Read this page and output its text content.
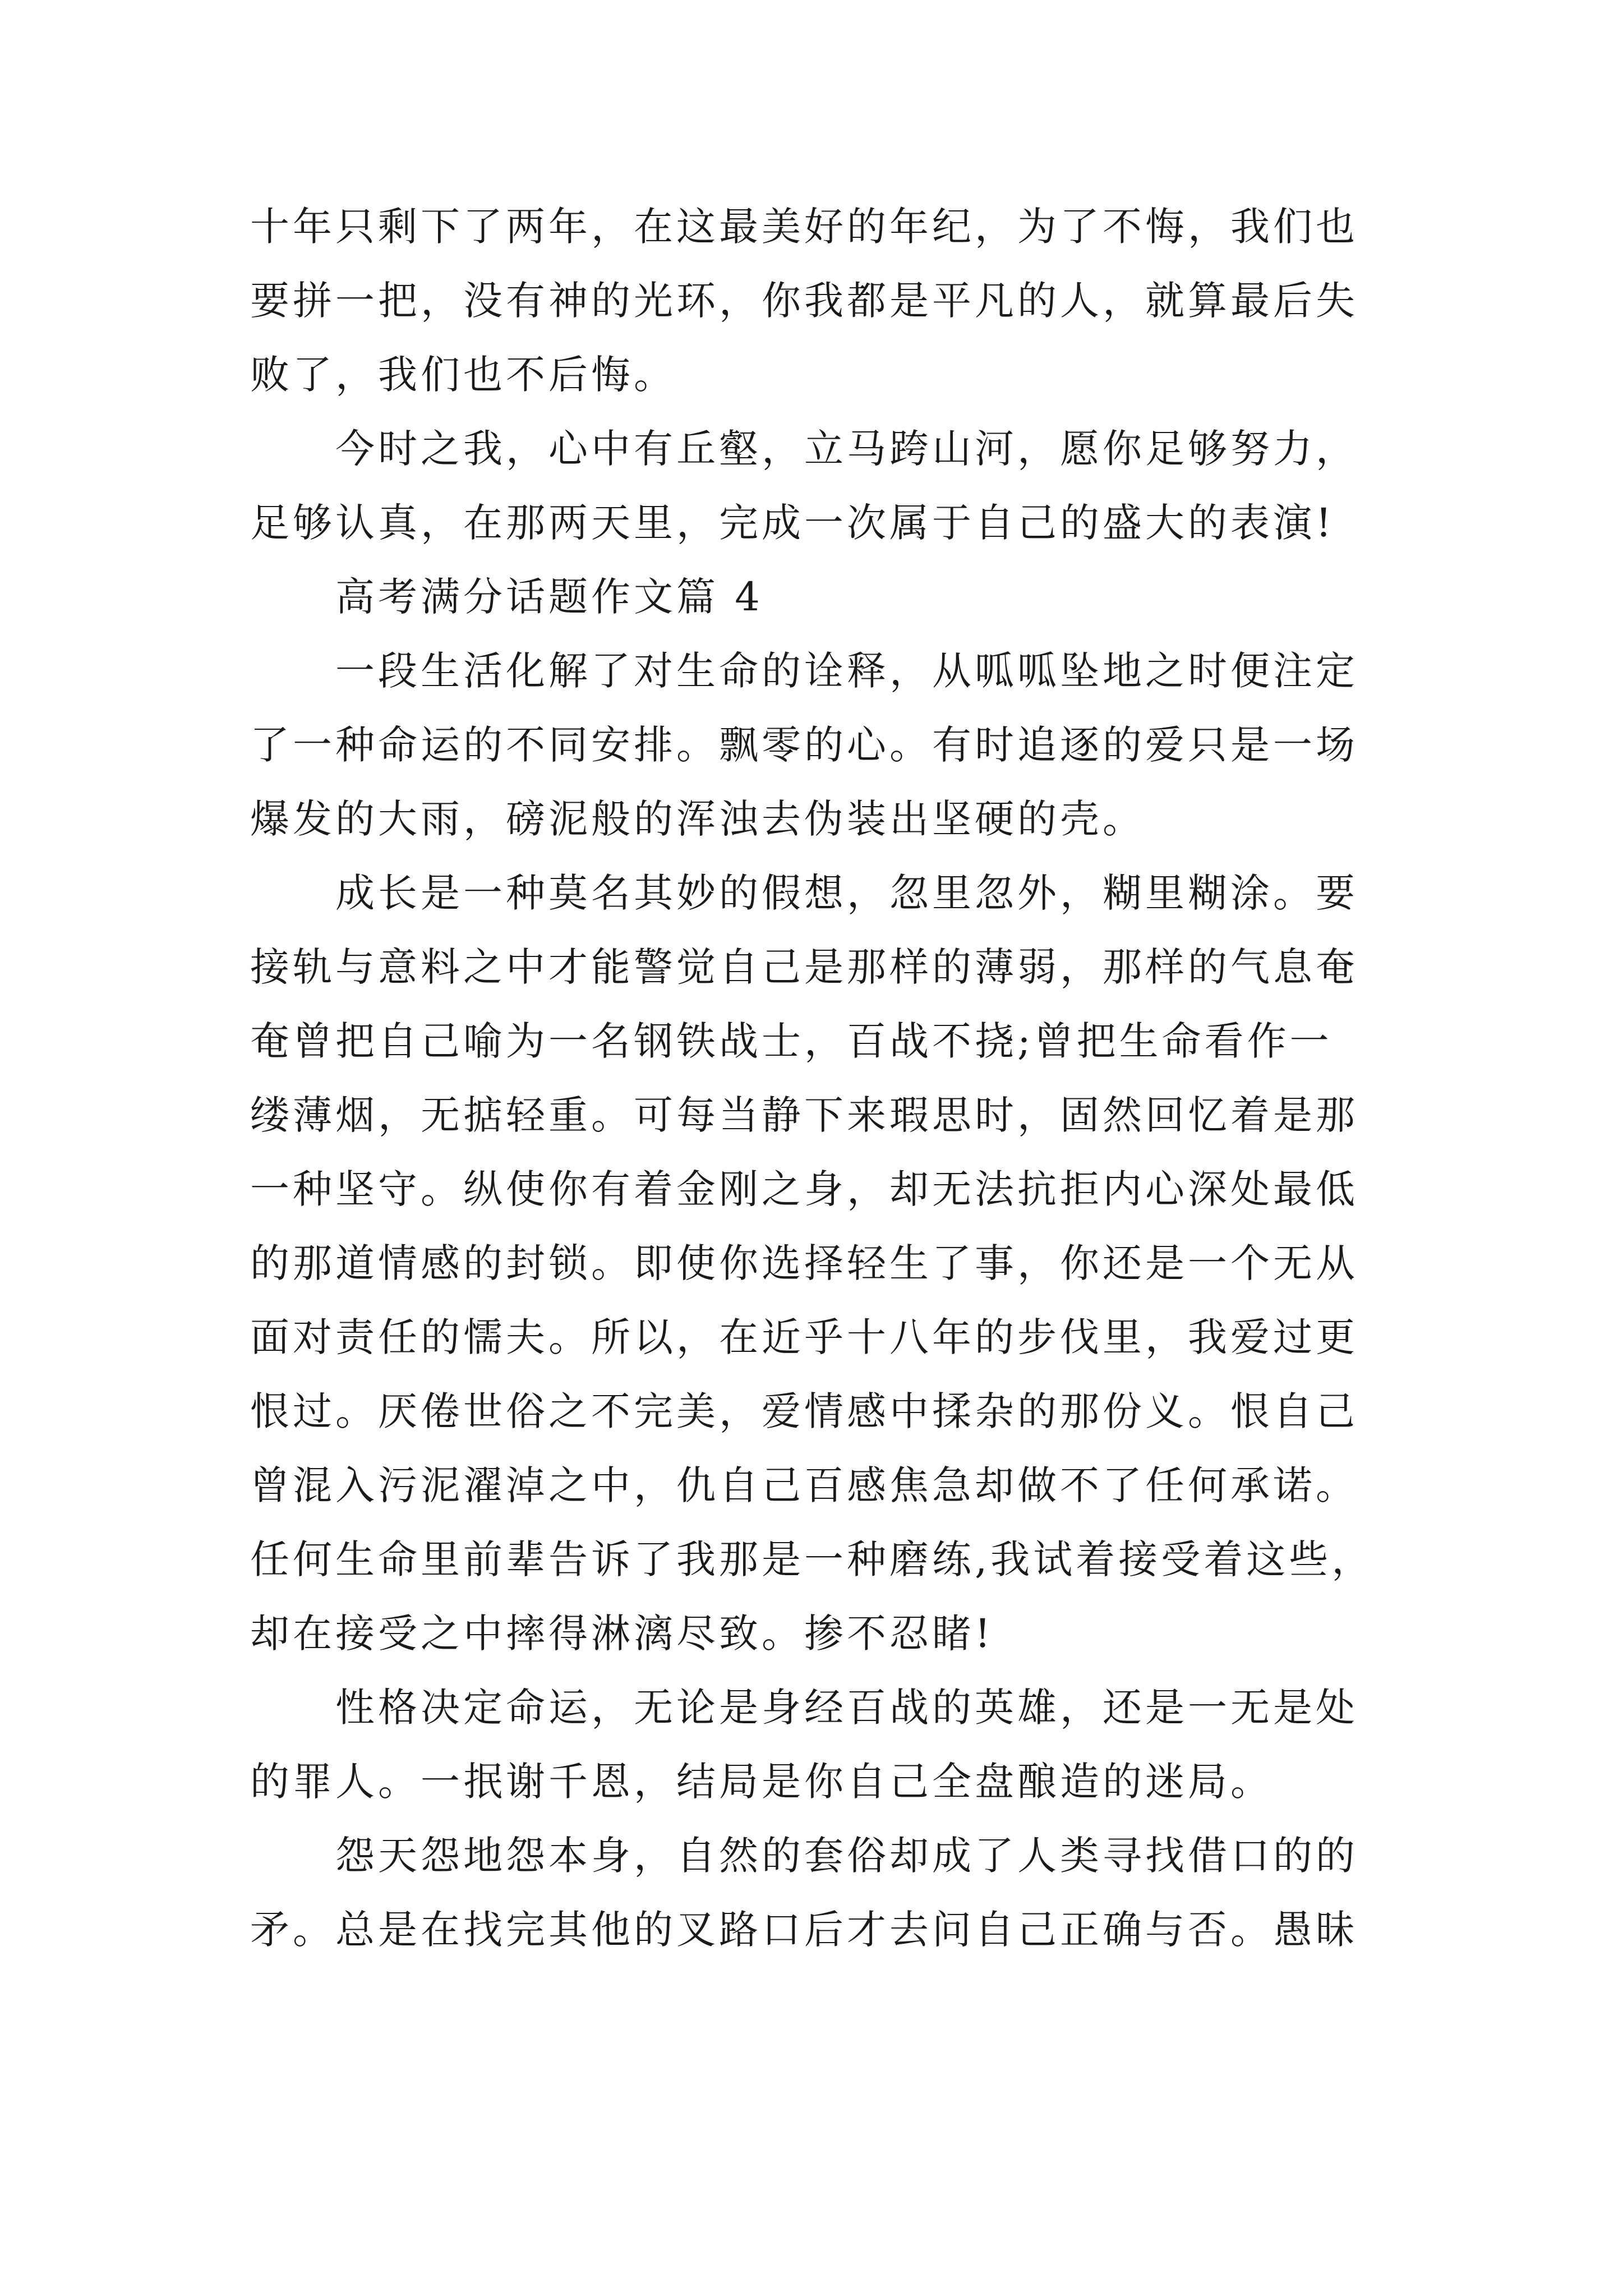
十年只剩下了两年，在这最美好的年纪，为了不悔，我们也
要拼一把，没有神的光环，你我都是平凡的人，就算最后失
败了，我们也不后悔。
今时之我，心中有丘壑，立马跨山河，愿你足够努力，
足够认真，在那两天里，完成一次属于自己的盛大的表演!
高考满分话题作文篇 4
一段生活化解了对生命的诠释，从呱呱坠地之时便注定
了一种命运的不同安排。飘零的心。有时追逐的爱只是一场
爆发的大雨，磅泥般的浑浊去伪装出坚硬的壳。
成长是一种莫名其妙的假想，忽里忽外，糊里糊涂。要
接轨与意料之中才能警觉自己是那样的薄弱，那样的气息奄
奄曾把自己喻为一名钢铁战士，百战不挠;曾把生命看作一
缕薄烟，无掂轻重。可每当静下来瑕思时，固然回忆着是那
一种坚守。纵使你有着金刚之身，却无法抗拒内心深处最低
的那道情感的封锁。即使你选择轻生了事，你还是一个无从
面对责任的懦夫。所以，在近乎十八年的步伐里，我爱过更
恨过。厌倦世俗之不完美，爱情感中揉杂的那份义。恨自己
曾混入污泥濯淖之中，仇自己百感焦急却做不了任何承诺。
任何生命里前辈告诉了我那是一种磨练,我试着接受着这些，
却在接受之中摔得淋漓尽致。掺不忍睹!
性格决定命运，无论是身经百战的英雄，还是一无是处
的罪人。一抿谢千恩，结局是你自己全盘酿造的迷局。
怨天怨地怨本身，自然的套俗却成了人类寻找借口的的
矛。总是在找完其他的叉路口后才去问自己正确与否。愚昧
